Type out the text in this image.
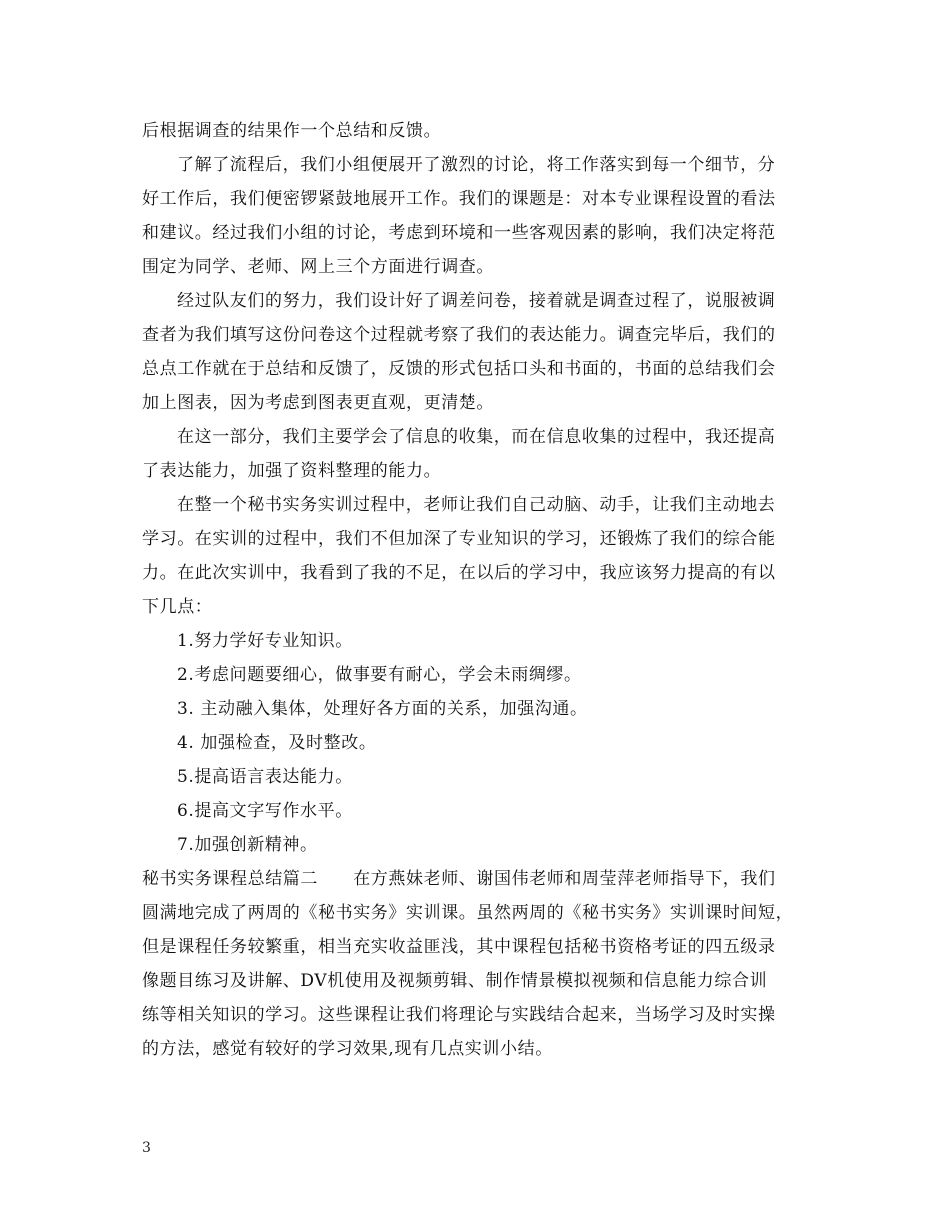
后根据调查的结果作一个总结和反馈。
了解了流程后，我们小组便展开了激烈的讨论，将工作落实到每一个细节，分
好工作后，我们便密锣紧鼓地展开工作。我们的课题是：对本专业课程设置的看法
和建议。经过我们小组的讨论，考虑到环境和一些客观因素的影响，我们决定将范
围定为同学、老师、网上三个方面进行调查。
经过队友们的努力，我们设计好了调差问卷，接着就是调查过程了，说服被调
查者为我们填写这份问卷这个过程就考察了我们的表达能力。调查完毕后，我们的
总点工作就在于总结和反馈了，反馈的形式包括口头和书面的，书面的总结我们会
加上图表，因为考虑到图表更直观，更清楚。
在这一部分，我们主要学会了信息的收集，而在信息收集的过程中，我还提高
了表达能力，加强了资料整理的能力。
在整一个秘书实务实训过程中，老师让我们自己动脑、动手，让我们主动地去
学习。在实训的过程中，我们不但加深了专业知识的学习，还锻炼了我们的综合能
力。在此次实训中，我看到了我的不足，在以后的学习中，我应该努力提高的有以
下几点：
1.努力学好专业知识。
2.考虑问题要细心，做事要有耐心，学会未雨绸缪。
3. 主动融入集体，处理好各方面的关系，加强沟通。
4. 加强检查，及时整改。
5.提高语言表达能力。
6.提高文字写作水平。
7.加强创新精神。
秘书实务课程总结篇二　　在方燕妹老师、谢国伟老师和周莹萍老师指导下，我们
圆满地完成了两周的《秘书实务》实训课。虽然两周的《秘书实务》实训课时间短，
但是课程任务较繁重，相当充实收益匪浅，其中课程包括秘书资格考证的四五级录
像题目练习及讲解、DV机使用及视频剪辑、制作情景模拟视频和信息能力综合训
练等相关知识的学习。这些课程让我们将理论与实践结合起来，当场学习及时实操
的方法，感觉有较好的学习效果,现有几点实训小结。
3
